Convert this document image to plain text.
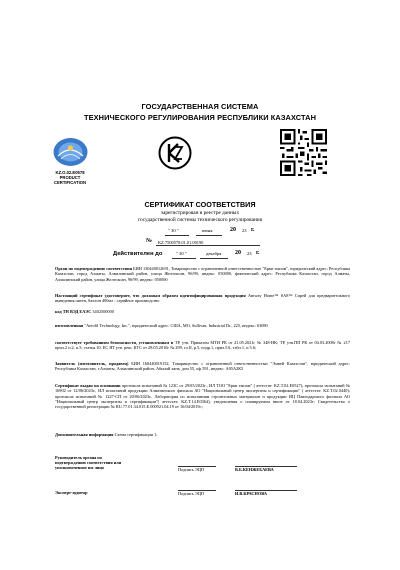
ГОСУДАРСТВЕННАЯ СИСТЕМА
ТЕХНИЧЕСКОГО РЕГУЛИРОВАНИЯ РЕСПУБЛИКИ КАЗАХСТАН
KZ.O.02.E0578
PRODUCT
CERTIFICATION
СЕРТИФИКАТ СООТВЕТСТВИЯ
зарегистрирован в реестре данных
государственной системы технического регулирования
" 30 "	июня	20 23 г.
№ KZ.7500578.01.01.00190
Действителен до	" 30 "	декабря 20 23 г.
Орган по подтверждению соответствия БИН 130440012691, Товарищество с ограниченной ответственностью "Ерки тыпом", юридический адрес: Республика Казахстан, город Алматы, Алмалинский район, улица Желтоксан, 96/99, индекс: 050000, фактический адрес: Республика Казахстан, город Алматы, Алмалинский район, улица Желтоксан, 96/99, индекс: 050000
Настоящий сертификат удостоверяет, что должным образом идентифицированная продукция Amway Home™ SA8™ Спрей для предварительного выведения пятен, баллон 400мл ; серийное производство
код ТН ВЭД ЕАЭС 3402500000
изготовленная "Aerofil Technology, Inc.", юридический адрес: США, MO, Sullivan, Industrial Dr., 225, индекс: 63080
соответствует требованиям безопасности, установленным в ТР, утв. Приказом МТИ РК от 21.05.2021г № 348-НК; ТР, утв.ПП РК от 04.03.2008г № 217 прил.2 п.2, п.5; статья 10; ЕС ЯТ утв. реш. КТС от 28.05.2010г № 299, гл.II, р.5, подр.1, прил.5А, табл.1, п.5.6;
Заявитель (изготовитель, продавец) БИН 160440019152, Товарищество с ограниченной ответственностью "Эмвей Казахстан", юридический адрес: Республика Казахстан, г.Алматы, Алмалинский район, Абылай хана, дом 55, оф.591, индекс: А05А2К5
Сертификат выдан на основании протокола испытаний № 123С от 29/05/2023г., ИЛ ТОО "Ерки тыпом" ( аттестат: KZ.T.02.E0527); протокола испытаний № 16902 от 12/06/2023г., ИЛ испытаний продукции Алматинского филиала АО "Национальный центр экспертизы и сертификации" ( аттестат: KZ.T.02.0440); протокола испытаний № 1227-СП от 20/06/2023г., Лаборатория по испытаниям строительных материалов и продукции ИЦ Павлодарского филиала АО "Национальный центр экспертизы и сертификации"( аттестат: KZ.T.14.E0364); уведомления о планируемом ввозе от 18.04.2023г; Свидетельство о государственной регистрации № RU.77.01.34.015.Е.000921.04.19 от 16/04/2019г.;
Дополнительная информация Схема сертификации 1;
Руководитель органа по
подтверждению соответствия или
уполномоченное им лицо	Подпись ЭЦП	В.Б.КЕНЖЕБАЕВА
Эксперт-аудитор	Подпись ЭЦП	И.В.КРАСНОВА
